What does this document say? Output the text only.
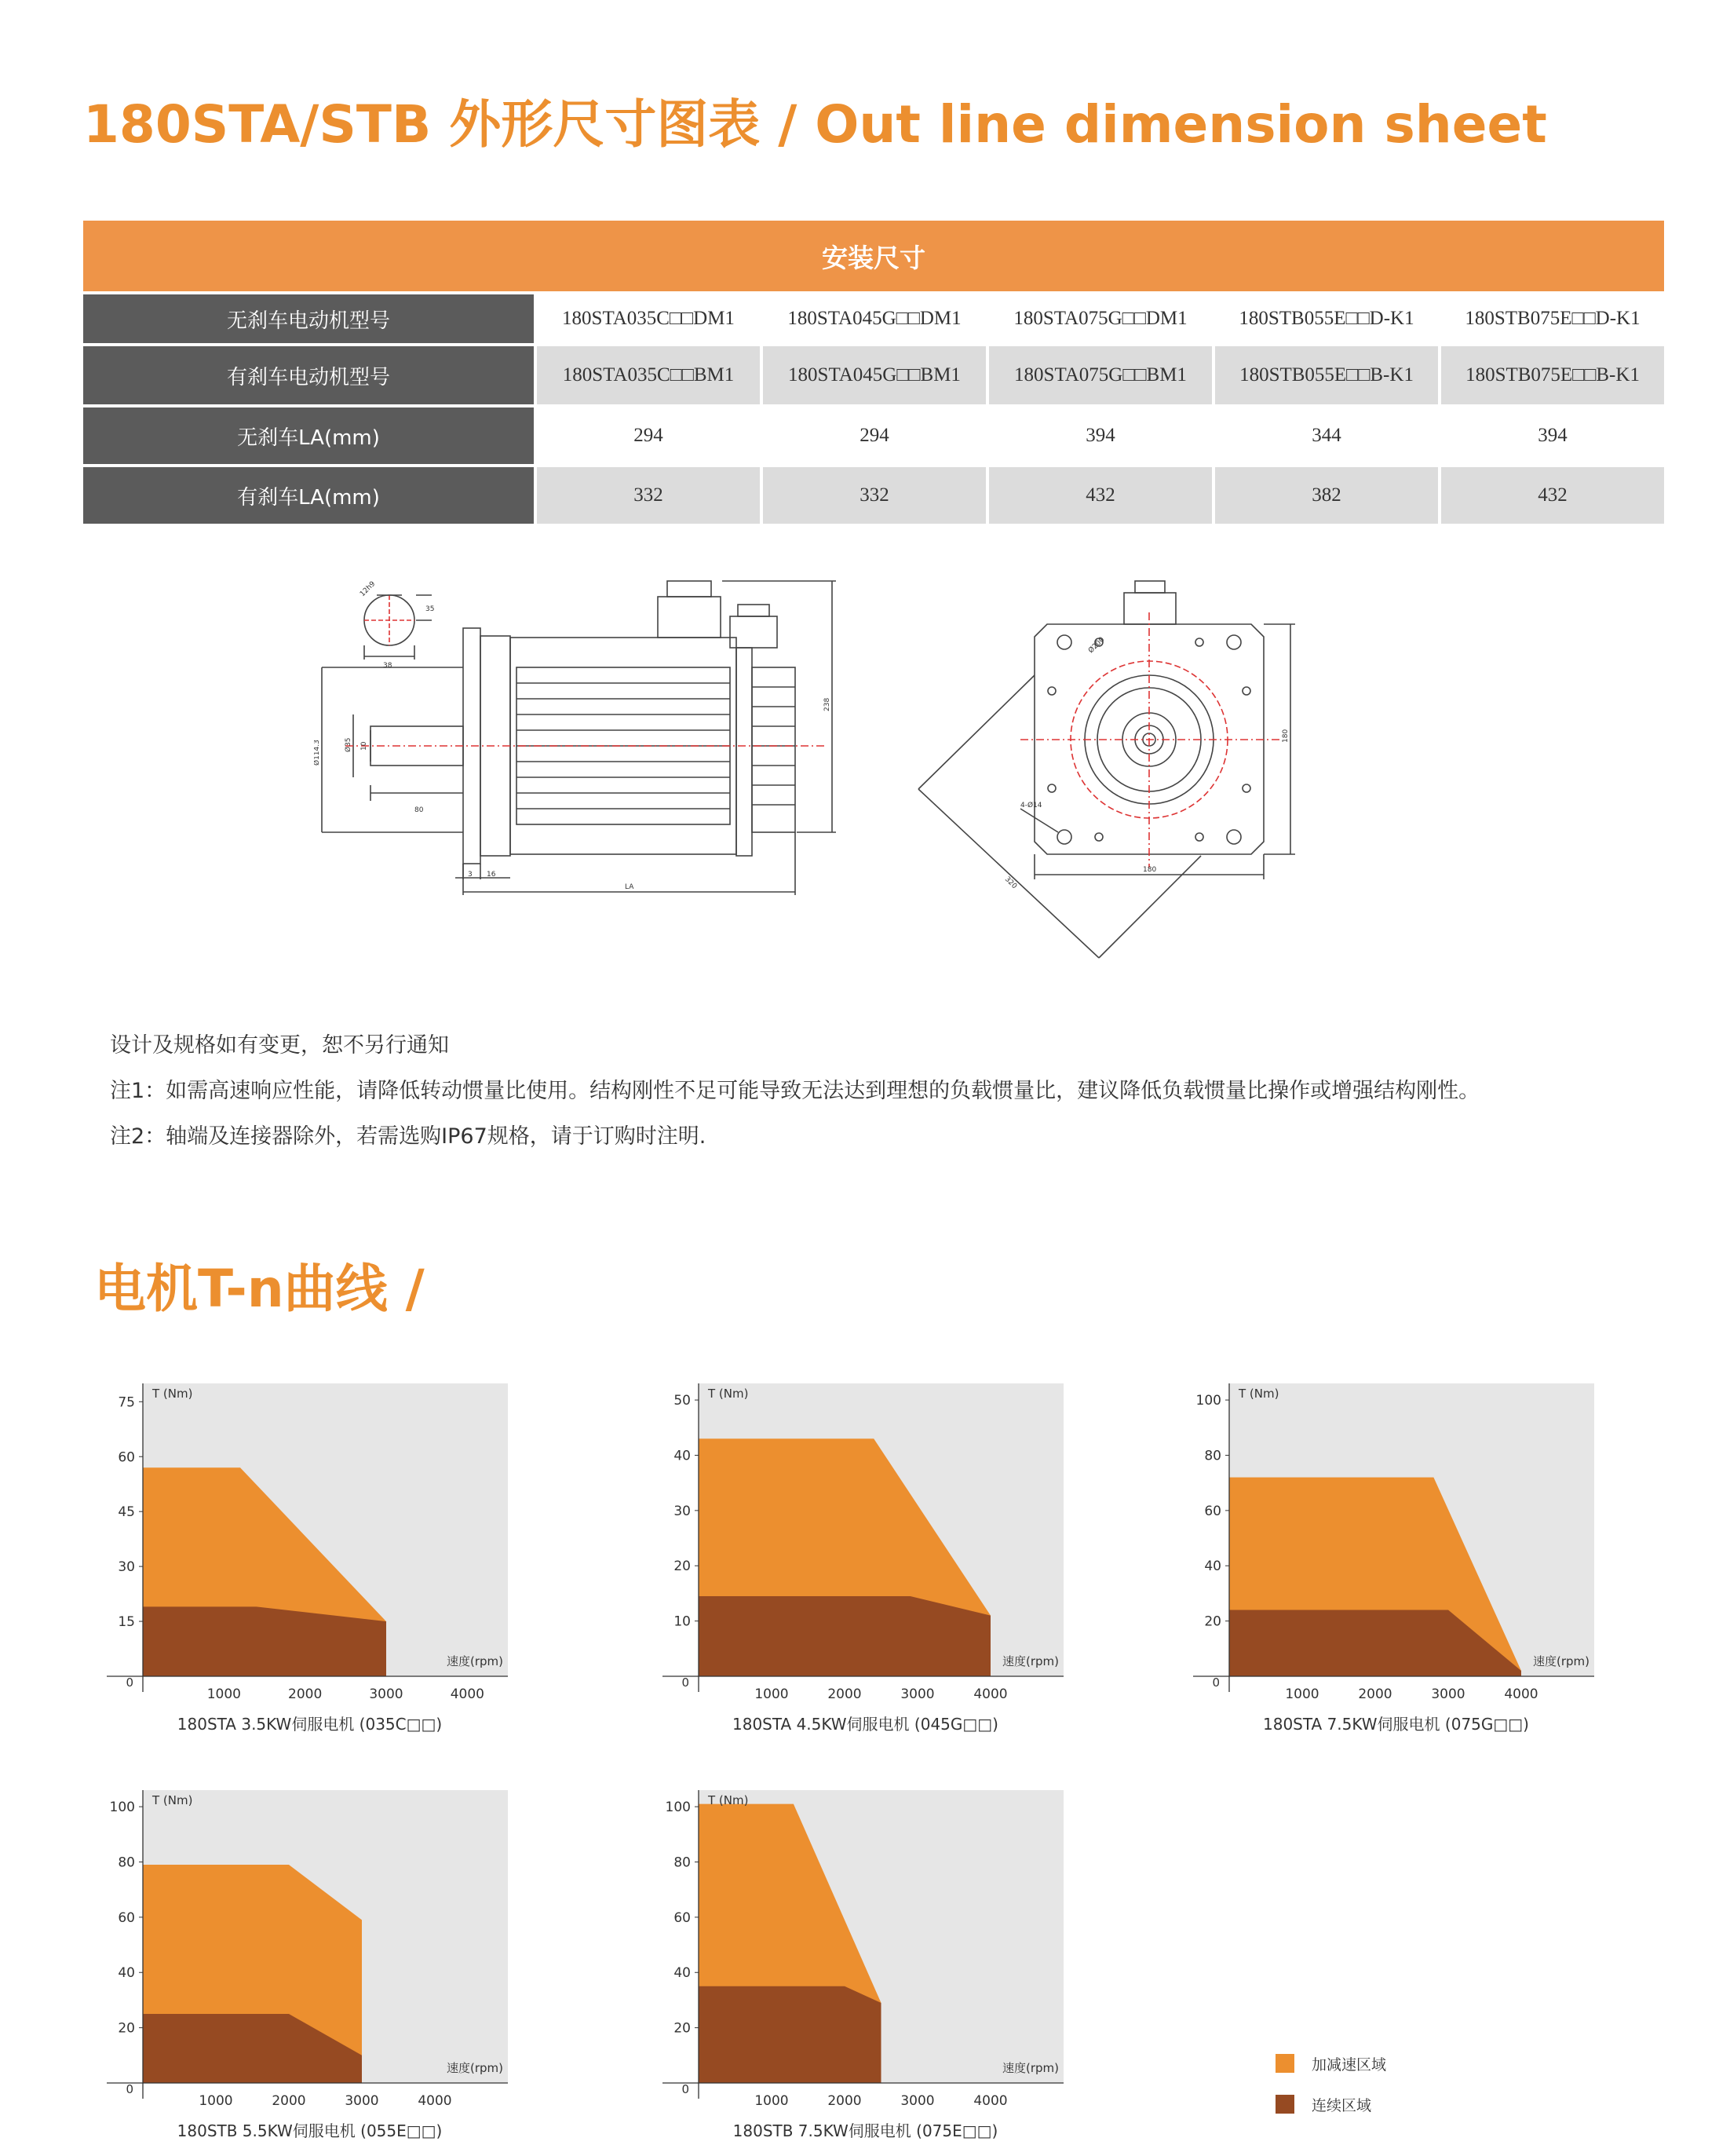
180STA/STB 外形尺寸图表 / Out line dimension sheet
安装尺寸
无刹车电动机型号	180STA035C□□DM1	180STA045G□□DM1	180STA075G□□DM1	180STB055E□□D-K1	180STB075E□□D-K1
有刹车电动机型号	180STA035C□□BM1	180STA045G□□BM1	180STA075G□□BM1	180STB055E□□B-K1	180STB075E□□B-K1
无刹车LA(mm)	294	294	394	344	394
有刹车LA(mm)	332	332	432	382	432
12h9
35
38
Ø114.3	Ø35 10
80
3 16
LA
238
Ø200
4-Ø14
180
180
320
设计及规格如有变更，恕不另行通知
注1：如需高速响应性能，请降低转动惯量比使用。结构刚性不足可能导致无法达到理想的负载惯量比，建议降低负载惯量比操作或增强结构刚性。
注2：轴端及连接器除外，若需选购IP67规格，请于订购时注明.
电机T-n曲线 /
15
30
45
60
75
0
1000	2000	3000	4000
T (Nm)
速度(rpm)
180STA 3.5KW伺服电机 (035C□□)
10
20
30
40
50
0
1000	2000	3000	4000
T (Nm)
速度(rpm)
180STA 4.5KW伺服电机 (045G□□)
20
40
60
80
100
0
1000	2000	3000	4000
T (Nm)
速度(rpm)
180STA 7.5KW伺服电机 (075G□□)
20
40
60
80
100
0
1000	2000	3000	4000
T (Nm)
速度(rpm)
180STB 5.5KW伺服电机 (055E□□)
20
40
60
80
100
0
1000	2000	3000	4000
T (Nm)
速度(rpm)
180STB 7.5KW伺服电机 (075E□□)
加减速区域
连续区域
